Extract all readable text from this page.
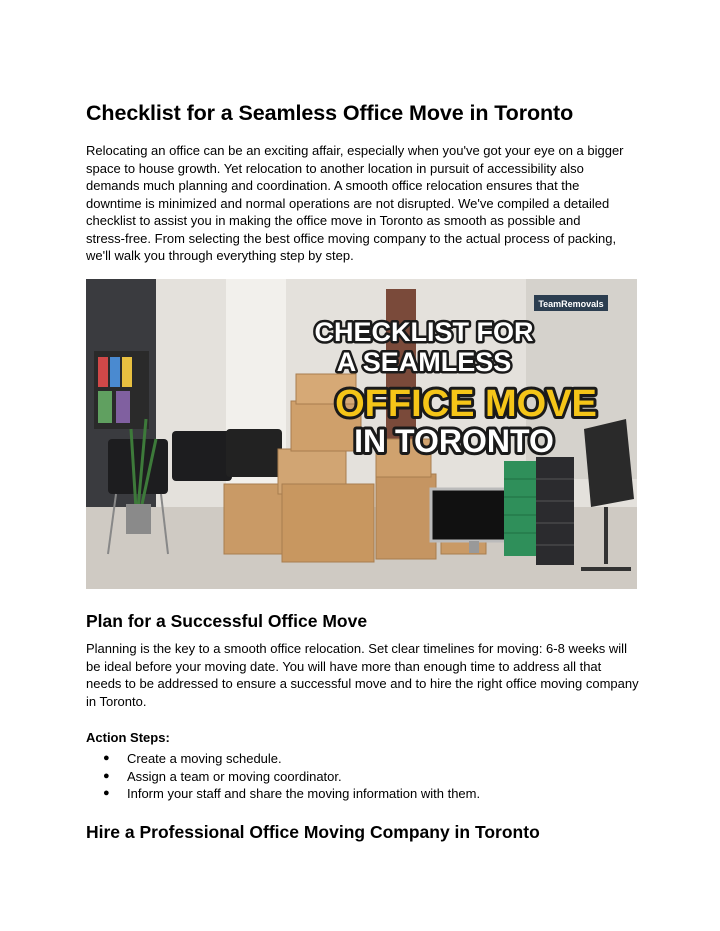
Checklist for a Seamless Office Move in Toronto
Relocating an office can be an exciting affair, especially when you've got your eye on a bigger
space to house growth. Yet relocation to another location in pursuit of accessibility also
demands much planning and coordination. A smooth office relocation ensures that the
downtime is minimized and normal operations are not disrupted. We've compiled a detailed
checklist to assist you in making the office move in Toronto as smooth as possible and
stress-free. From selecting the best office moving company to the actual process of packing,
we'll walk you through everything step by step.
TeamRemovals
CHECKLIST FOR
A SEAMLESS
OFFICE MOVE
IN TORONTO
Plan for a Successful Office Move
Planning is the key to a smooth office relocation. Set clear timelines for moving: 6-8 weeks will
be ideal before your moving date. You will have more than enough time to address all that
needs to be addressed to ensure a successful move and to hire the right office moving company
in Toronto.
Action Steps:
● Create a moving schedule.
● Assign a team or moving coordinator.
● Inform your staff and share the moving information with them.
Hire a Professional Office Moving Company in Toronto
